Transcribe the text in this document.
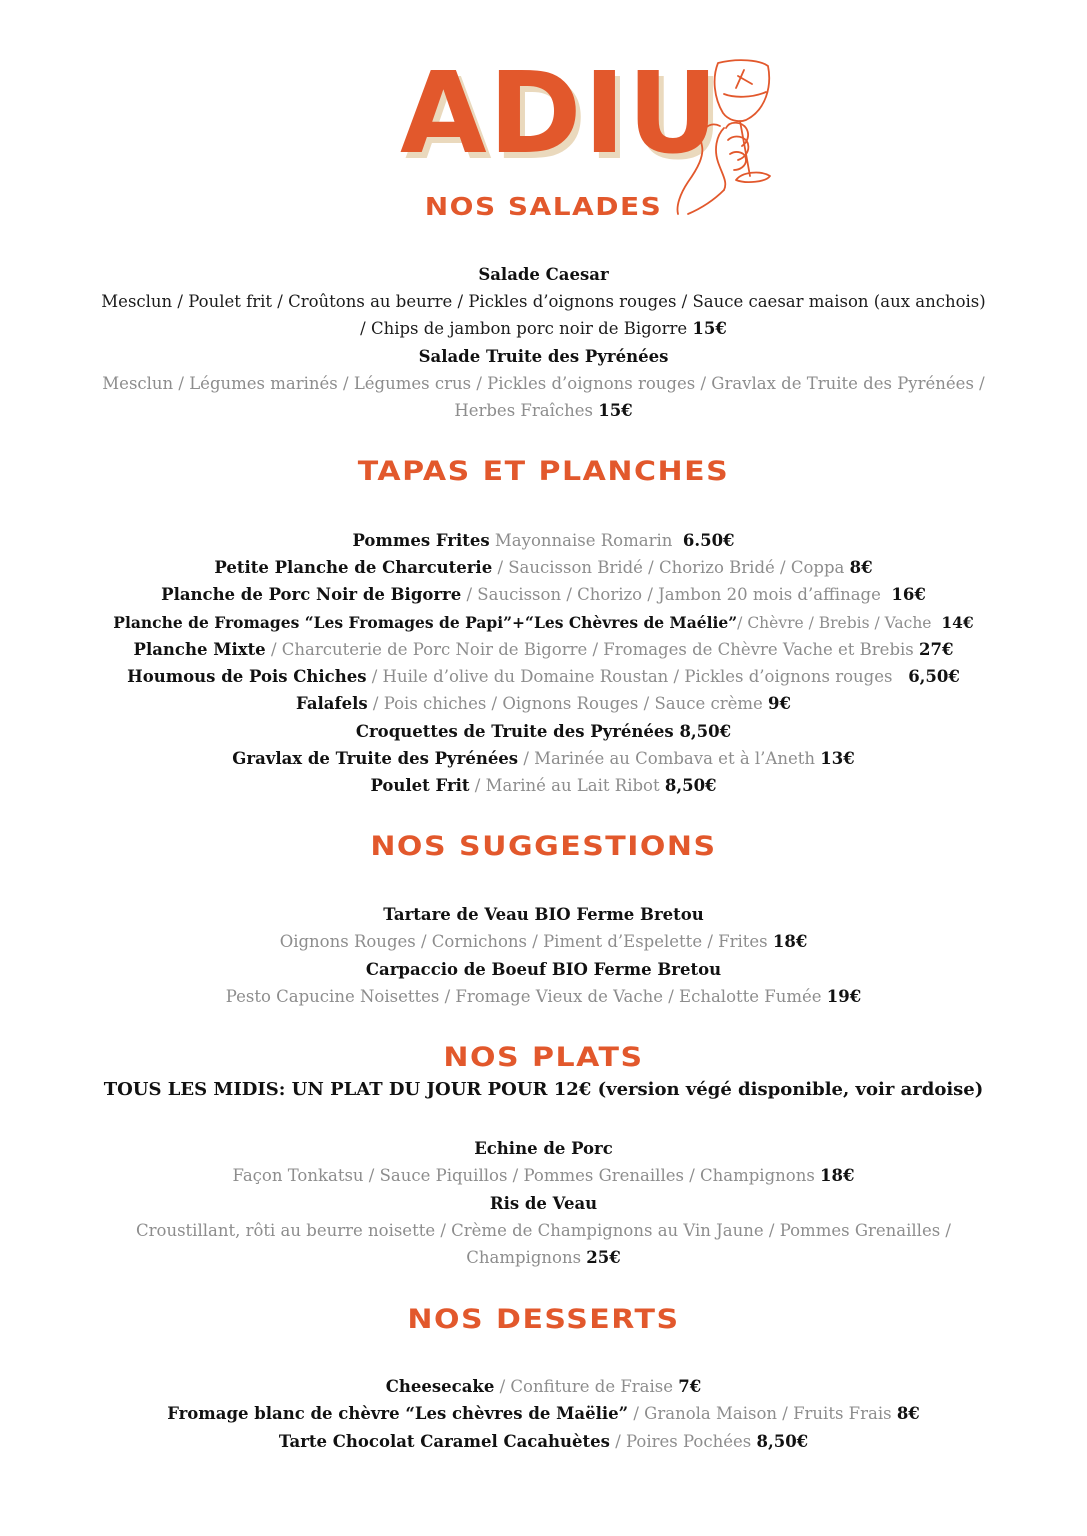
ADIU
NOS SALADES
Salade Caesar
Mesclun / Poulet frit / Croûtons au beurre / Pickles d’oignons rouges / Sauce caesar maison (aux anchois)
/ Chips de jambon porc noir de Bigorre 15€
Salade Truite des Pyrénées
Mesclun / Légumes marinés / Légumes crus / Pickles d’oignons rouges / Gravlax de Truite des Pyrénées /
Herbes Fraîches 15€
TAPAS ET PLANCHES
Pommes Frites Mayonnaise Romarin 6.50€
Petite Planche de Charcuterie / Saucisson Bridé / Chorizo Bridé / Coppa 8€
Planche de Porc Noir de Bigorre / Saucisson / Chorizo / Jambon 20 mois d’affinage 16€
Planche de Fromages “Les Fromages de Papi”+“Les Chèvres de Maélie”/ Chèvre / Brebis / Vache 14€
Planche Mixte / Charcuterie de Porc Noir de Bigorre / Fromages de Chèvre Vache et Brebis 27€
Houmous de Pois Chiches / Huile d’olive du Domaine Roustan / Pickles d’oignons rouges 6,50€
Falafels / Pois chiches / Oignons Rouges / Sauce crème 9€
Croquettes de Truite des Pyrénées 8,50€
Gravlax de Truite des Pyrénées / Marinée au Combava et à l’Aneth 13€
Poulet Frit / Mariné au Lait Ribot 8,50€
NOS SUGGESTIONS
Tartare de Veau BIO Ferme Bretou
Oignons Rouges / Cornichons / Piment d’Espelette / Frites 18€
Carpaccio de Boeuf BIO Ferme Bretou
Pesto Capucine Noisettes / Fromage Vieux de Vache / Echalotte Fumée 19€
NOS PLATS
TOUS LES MIDIS: UN PLAT DU JOUR POUR 12€ (version végé disponible, voir ardoise)
Echine de Porc
Façon Tonkatsu / Sauce Piquillos / Pommes Grenailles / Champignons 18€
Ris de Veau
Croustillant, rôti au beurre noisette / Crème de Champignons au Vin Jaune / Pommes Grenailles /
Champignons 25€
NOS DESSERTS
Cheesecake / Confiture de Fraise 7€
Fromage blanc de chèvre “Les chèvres de Maëlie” / Granola Maison / Fruits Frais 8€
Tarte Chocolat Caramel Cacahuètes / Poires Pochées 8,50€
